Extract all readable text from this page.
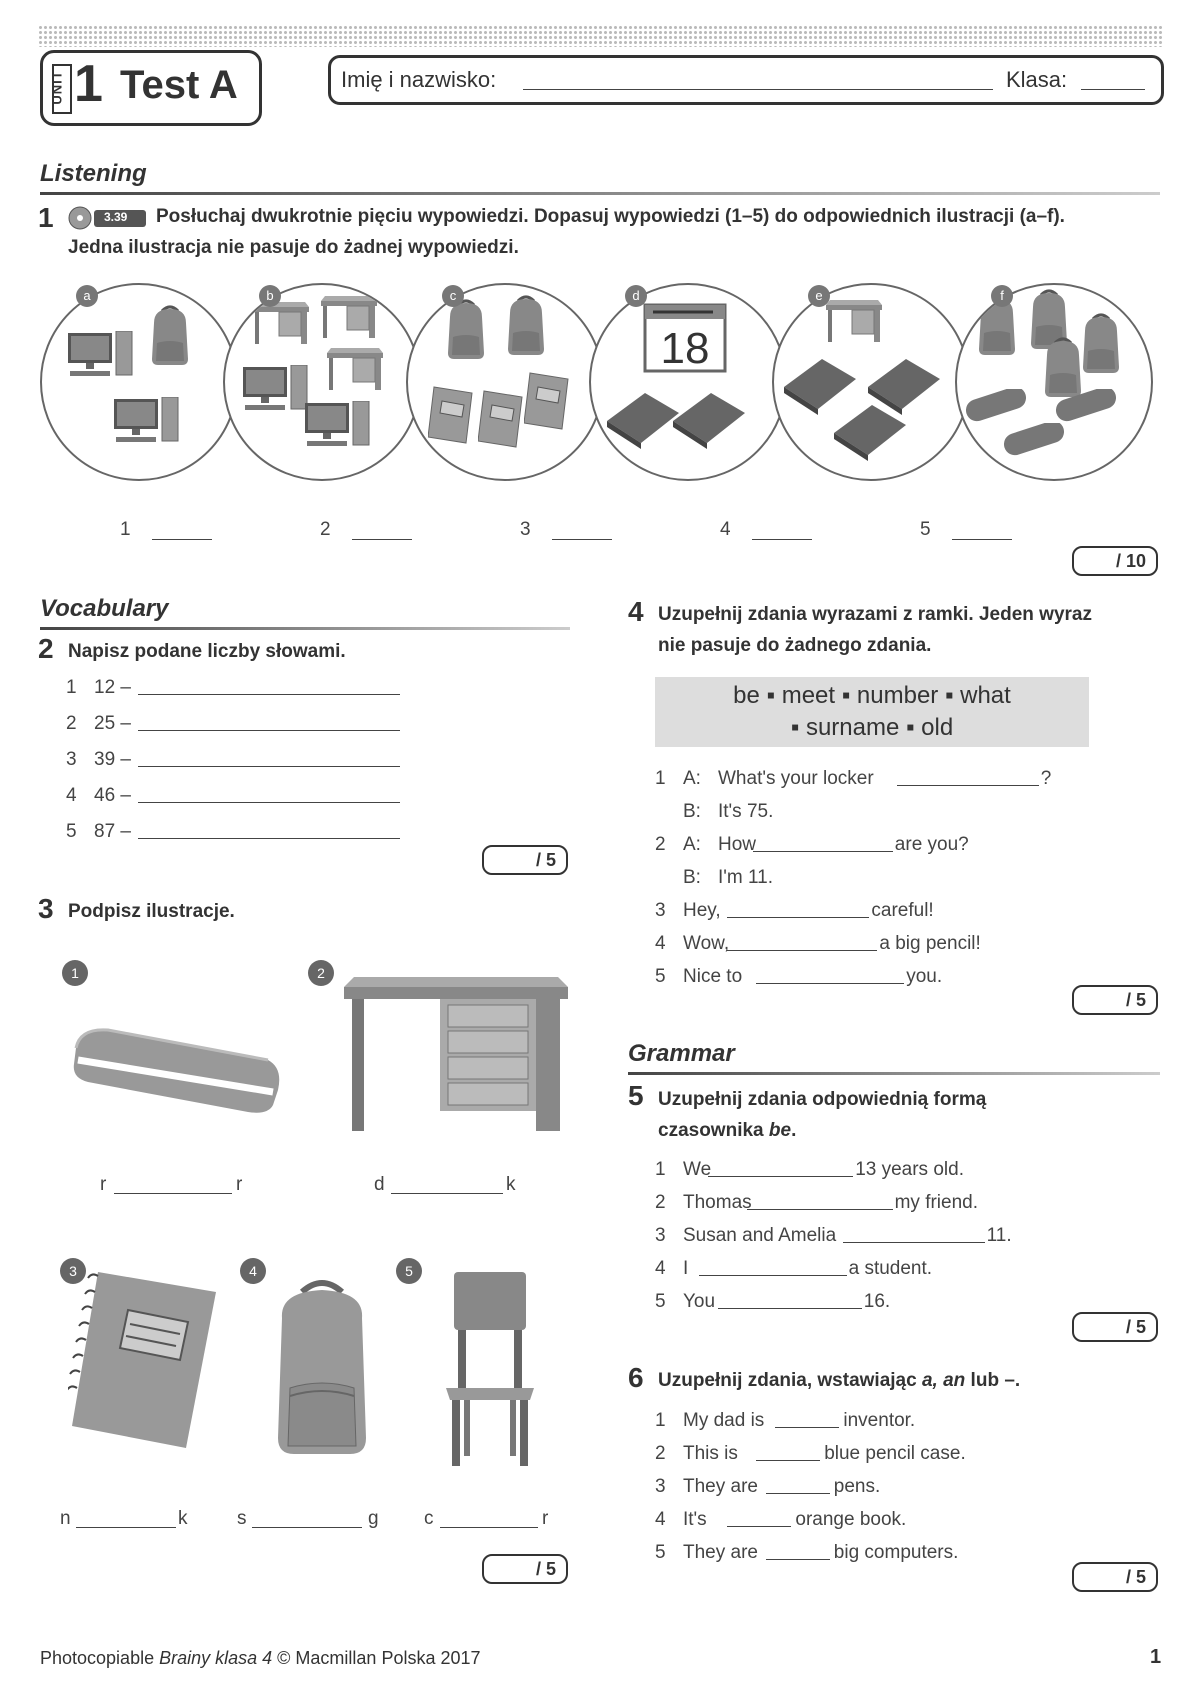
UNIT 1 Test A	Imię i nazwisko:	Klasa:
Listening
1	3.39 Posłuchaj dwukrotnie pięciu wypowiedzi. Dopasuj wypowiedzi (1–5) do odpowiednich ilustracji (a–f).
Jedna ilustracja nie pasuje do żadnej wypowiedzi.
a	b	c
18
d	e	f
1	2	3	4	5
/ 10
Vocabulary
2 Napisz podane liczby słowami.
1 12 –
2 25 –
3 39 –
4 46 –
5 87 –
/ 5
3 Podpisz ilustracje.
1	2
r	r	d	k
3	4	5
n	k	s	g c	r
/ 5
4 Uzupełnij zdania wyrazami z ramki. Jeden wyraz
nie pasuje do żadnego zdania.
be ▪ meet ▪ number ▪ what
▪ surname ▪ old
1 A: What's your locker	?
B: It's 75.
2 A: How	are you?
B: I'm 11.
3 Hey,	careful!
4 Wow,	a big pencil!
5 Nice to	you.
/ 5
Grammar
5 Uzupełnij zdania odpowiednią formą
czasownika be.
1 We	13 years old.
2 Thomas	my friend.
3 Susan and Amelia	11.
4 I	a student.
5 You	16.
/ 5
6 Uzupełnij zdania, wstawiając a, an lub –.
1 My dad is	inventor.
2 This is	blue pencil case.
3 They are	pens.
4 It's	orange book.
5 They are	big computers.
/ 5
Photocopiable Brainy klasa 4 © Macmillan Polska 2017	1
